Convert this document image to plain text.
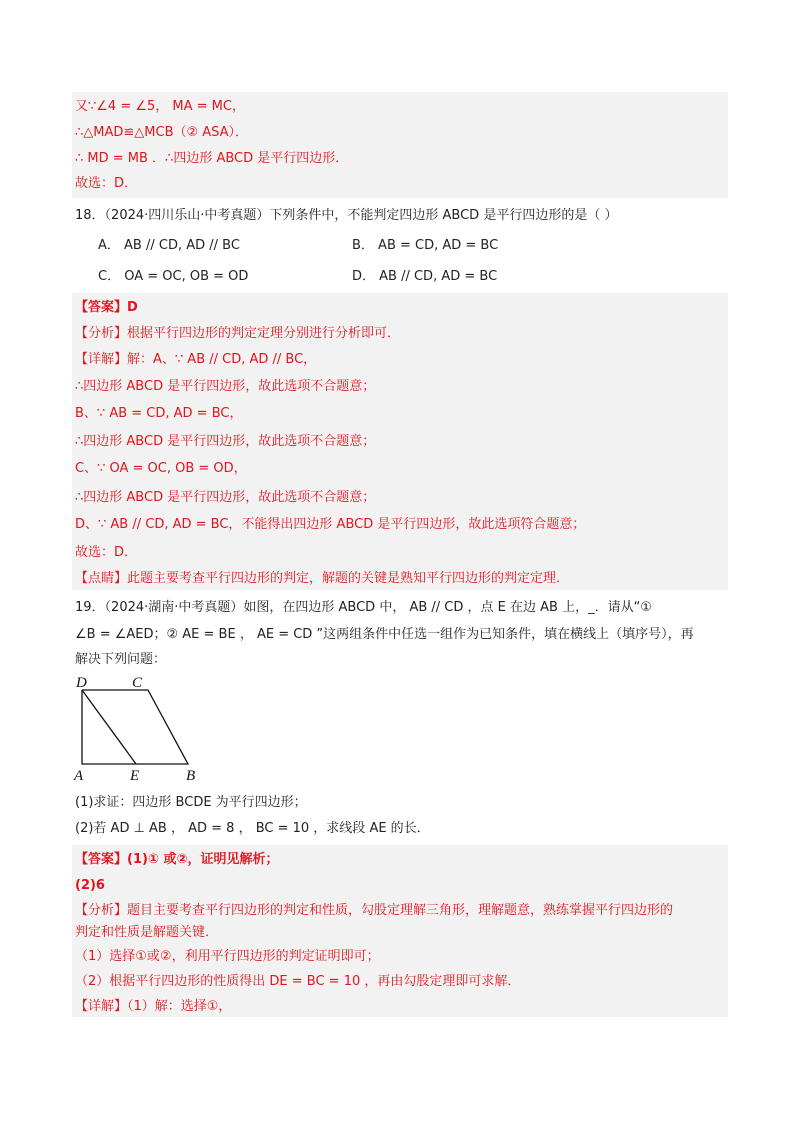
又∵∠4 = ∠5， MA = MC，
∴△MAD≌△MCB（② ASA）．
∴ MD = MB ．∴四边形 ABCD 是平行四边形．
故选：D．
18．（2024·四川乐山·中考真题）下列条件中，不能判定四边形 ABCD 是平行四边形的是（ ）
A． AB // CD, AD // BC	B． AB = CD, AD = BC
C． OA = OC, OB = OD	D． AB // CD, AD = BC
【答案】D
【分析】根据平行四边形的判定定理分别进行分析即可．
【详解】解：A、∵ AB // CD, AD // BC，
∴四边形 ABCD 是平行四边形，故此选项不合题意；
B、∵ AB = CD, AD = BC，
∴四边形 ABCD 是平行四边形，故此选项不合题意；
C、∵ OA = OC, OB = OD，
∴四边形 ABCD 是平行四边形，故此选项不合题意；
D、∵ AB // CD, AD = BC，不能得出四边形 ABCD 是平行四边形，故此选项符合题意；
故选：D．
【点睛】此题主要考查平行四边形的判定，解题的关键是熟知平行四边形的判定定理．
19．（2024·湖南·中考真题）如图，在四边形 ABCD 中， AB // CD ，点 E 在边 AB 上，_．请从“①
∠B = ∠AED；② AE = BE ， AE = CD ”这两组条件中任选一组作为已知条件，填在横线上（填序号），再
解决下列问题：
D	C
A	E	B
(1)求证：四边形 BCDE 为平行四边形；
(2)若 AD ⊥ AB ， AD = 8 ， BC = 10 ，求线段 AE 的长．
【答案】(1)① 或②，证明见解析；
(2)6
【分析】题目主要考查平行四边形的判定和性质，勾股定理解三角形，理解题意，熟练掌握平行四边形的
判定和性质是解题关键．
（1）选择①或②，利用平行四边形的判定证明即可；
（2）根据平行四边形的性质得出 DE = BC = 10 ，再由勾股定理即可求解．
【详解】（1）解：选择①，
